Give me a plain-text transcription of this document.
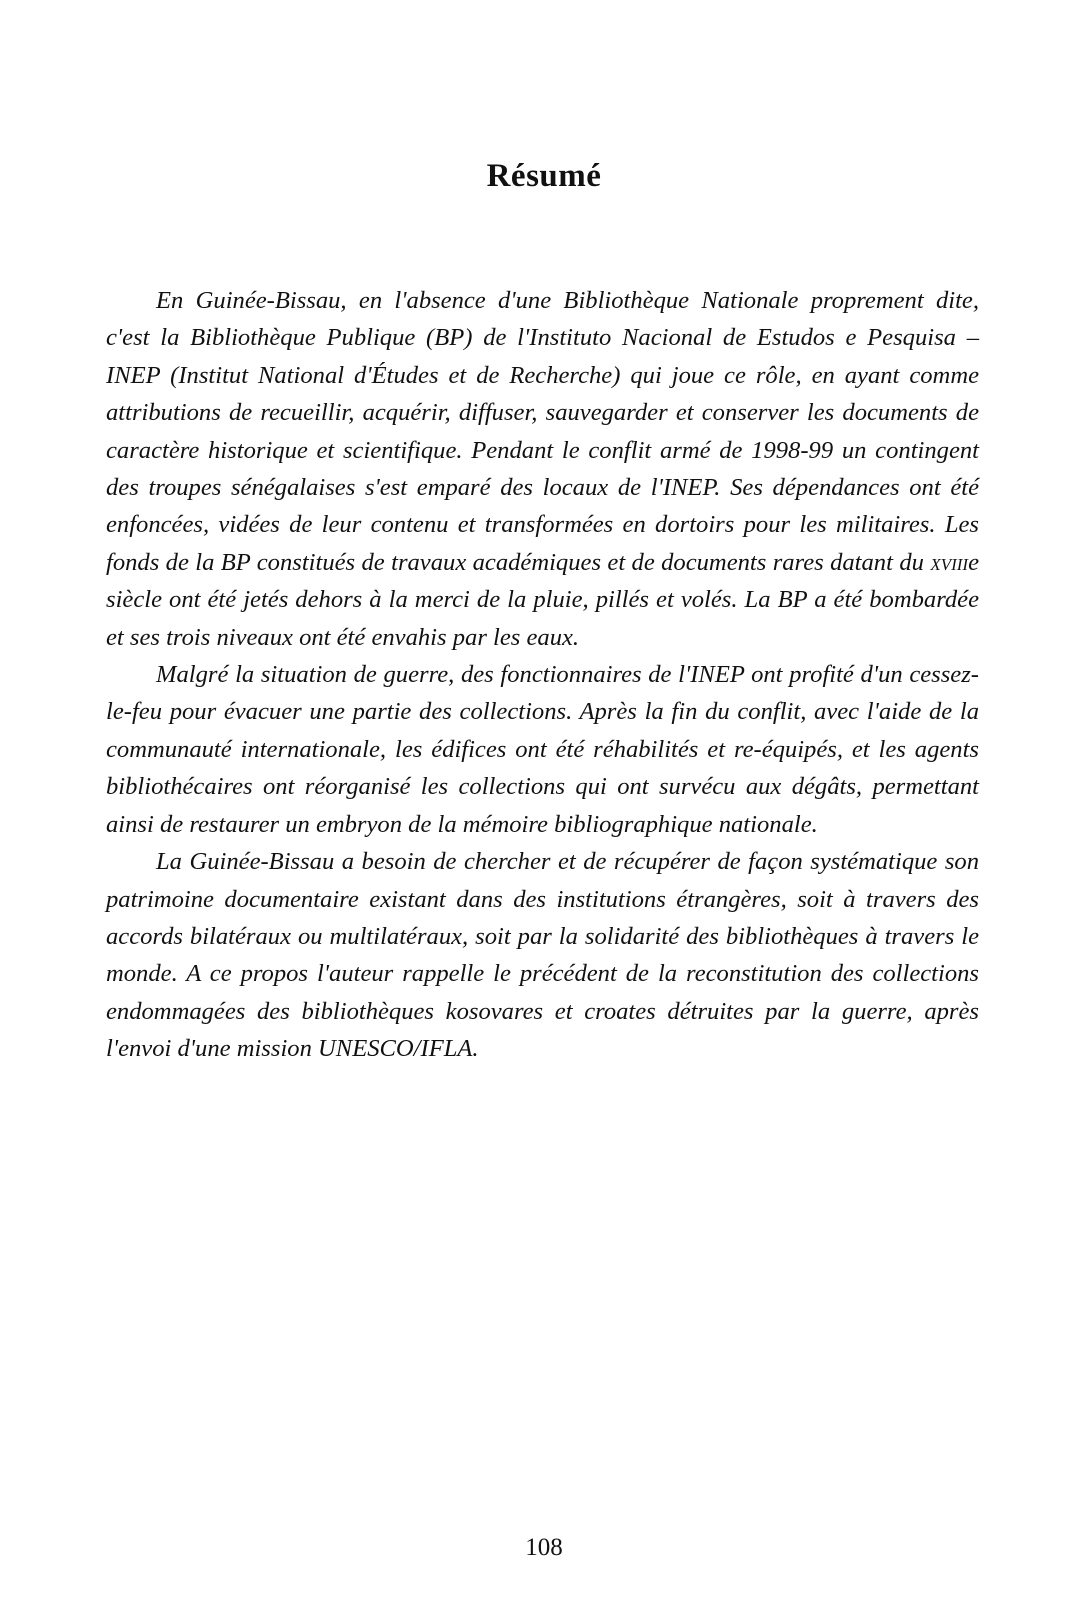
Résumé

En Guinée-Bissau, en l'absence d'une Bibliothèque Nationale proprement dite, c'est la Bibliothèque Publique (BP) de l'Instituto Nacional de Estudos e Pesquisa – INEP (Institut National d'Études et de Recherche) qui joue ce rôle, en ayant comme attributions de recueillir, acquérir, diffuser, sauvegarder et conserver les documents de caractère historique et scientifique. Pendant le conflit armé de 1998-99 un contingent des troupes sénégalaises s'est emparé des locaux de l'INEP. Ses dépendances ont été enfoncées, vidées de leur contenu et transformées en dortoirs pour les militaires. Les fonds de la BP constitués de travaux académiques et de documents rares datant du xviiie siècle ont été jetés dehors à la merci de la pluie, pillés et volés. La BP a été bombardée et ses trois niveaux ont été envahis par les eaux.

Malgré la situation de guerre, des fonctionnaires de l'INEP ont profité d'un cessez-le-feu pour évacuer une partie des collections. Après la fin du conflit, avec l'aide de la communauté internationale, les édifices ont été réhabilités et re-équipés, et les agents bibliothécaires ont réorganisé les collections qui ont survécu aux dégâts, permettant ainsi de restaurer un embryon de la mémoire bibliographique nationale.

La Guinée-Bissau a besoin de chercher et de récupérer de façon systématique son patrimoine documentaire existant dans des institutions étrangères, soit à travers des accords bilatéraux ou multilatéraux, soit par la solidarité des bibliothèques à travers le monde. A ce propos l'auteur rappelle le précédent de la reconstitution des collections endommagées des bibliothèques kosovares et croates détruites par la guerre, après l'envoi d'une mission UNESCO/IFLA.

108
